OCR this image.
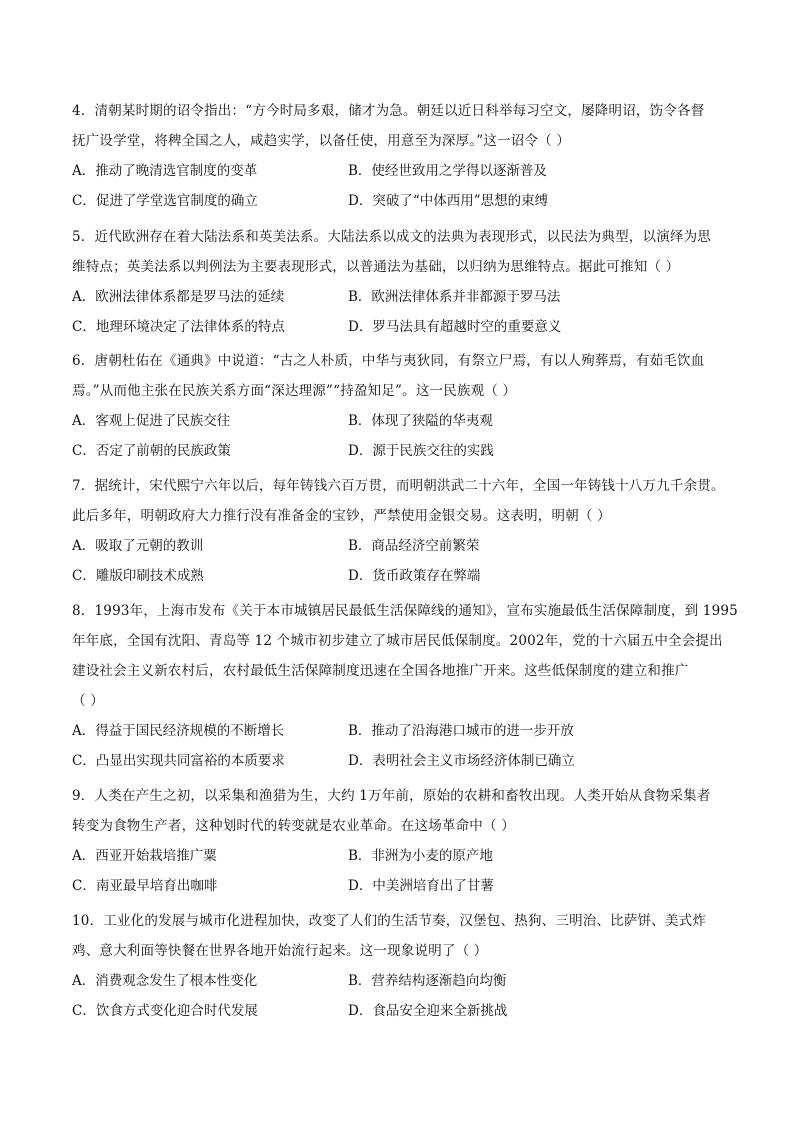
4．清朝某时期的诏令指出：“方今时局多艰，储才为急。朝廷以近日科举每习空文，屡降明诏，饬令各督
抚广设学堂，将稗全国之人，咸趋实学，以备任使，用意至为深厚。”这一诏令（ ）
A．推动了晚清选官制度的变革	B．使经世致用之学得以逐渐普及
C．促进了学堂选官制度的确立	D．突破了“中体西用”思想的束缚
5．近代欧洲存在着大陆法系和英美法系。大陆法系以成文的法典为表现形式，以民法为典型，以演绎为思
维特点；英美法系以判例法为主要表现形式，以普通法为基础，以归纳为思维特点。据此可推知（ ）
A．欧洲法律体系都是罗马法的延续	B．欧洲法律体系并非都源于罗马法
C．地理环境决定了法律体系的特点	D．罗马法具有超越时空的重要意义
6．唐朝杜佑在《通典》中说道：“古之人朴质，中华与夷狄同，有祭立尸焉，有以人殉葬焉，有茹毛饮血
焉。”从而他主张在民族关系方面“深达理源”“持盈知足”。这一民族观（ ）
A．客观上促进了民族交往	B．体现了狭隘的华夷观
C．否定了前朝的民族政策	D．源于民族交往的实践
7．据统计，宋代熙宁六年以后，每年铸钱六百万贯，而明朝洪武二十六年，全国一年铸钱十八万九千余贯。
此后多年，明朝政府大力推行没有准备金的宝钞，严禁使用金银交易。这表明，明朝（ ）
A．吸取了元朝的教训	B．商品经济空前繁荣
C．雕版印刷技术成熟	D．货币政策存在弊端
8．1993年，上海市发布《关于本市城镇居民最低生活保障线的通知》，宣布实施最低生活保障制度，到 1995
年年底，全国有沈阳、青岛等 12 个城市初步建立了城市居民低保制度。2002年，党的十六届五中全会提出
建设社会主义新农村后，农村最低生活保障制度迅速在全国各地推广开来。这些低保制度的建立和推广
（ ）
A．得益于国民经济规模的不断增长	B．推动了沿海港口城市的进一步开放
C．凸显出实现共同富裕的本质要求	D．表明社会主义市场经济体制已确立
9．人类在产生之初，以采集和渔猎为生，大约 1万年前，原始的农耕和畜牧出现。人类开始从食物采集者
转变为食物生产者，这种划时代的转变就是农业革命。在这场革命中（ ）
A．西亚开始栽培推广粟	B．非洲为小麦的原产地
C．南亚最早培育出咖啡	D．中美洲培育出了甘薯
10．工业化的发展与城市化进程加快，改变了人们的生活节奏，汉堡包、热狗、三明治、比萨饼、美式炸
鸡、意大利面等快餐在世界各地开始流行起来。这一现象说明了（ ）
A．消费观念发生了根本性变化	B．营养结构逐渐趋向均衡
C．饮食方式变化迎合时代发展	D．食品安全迎来全新挑战
